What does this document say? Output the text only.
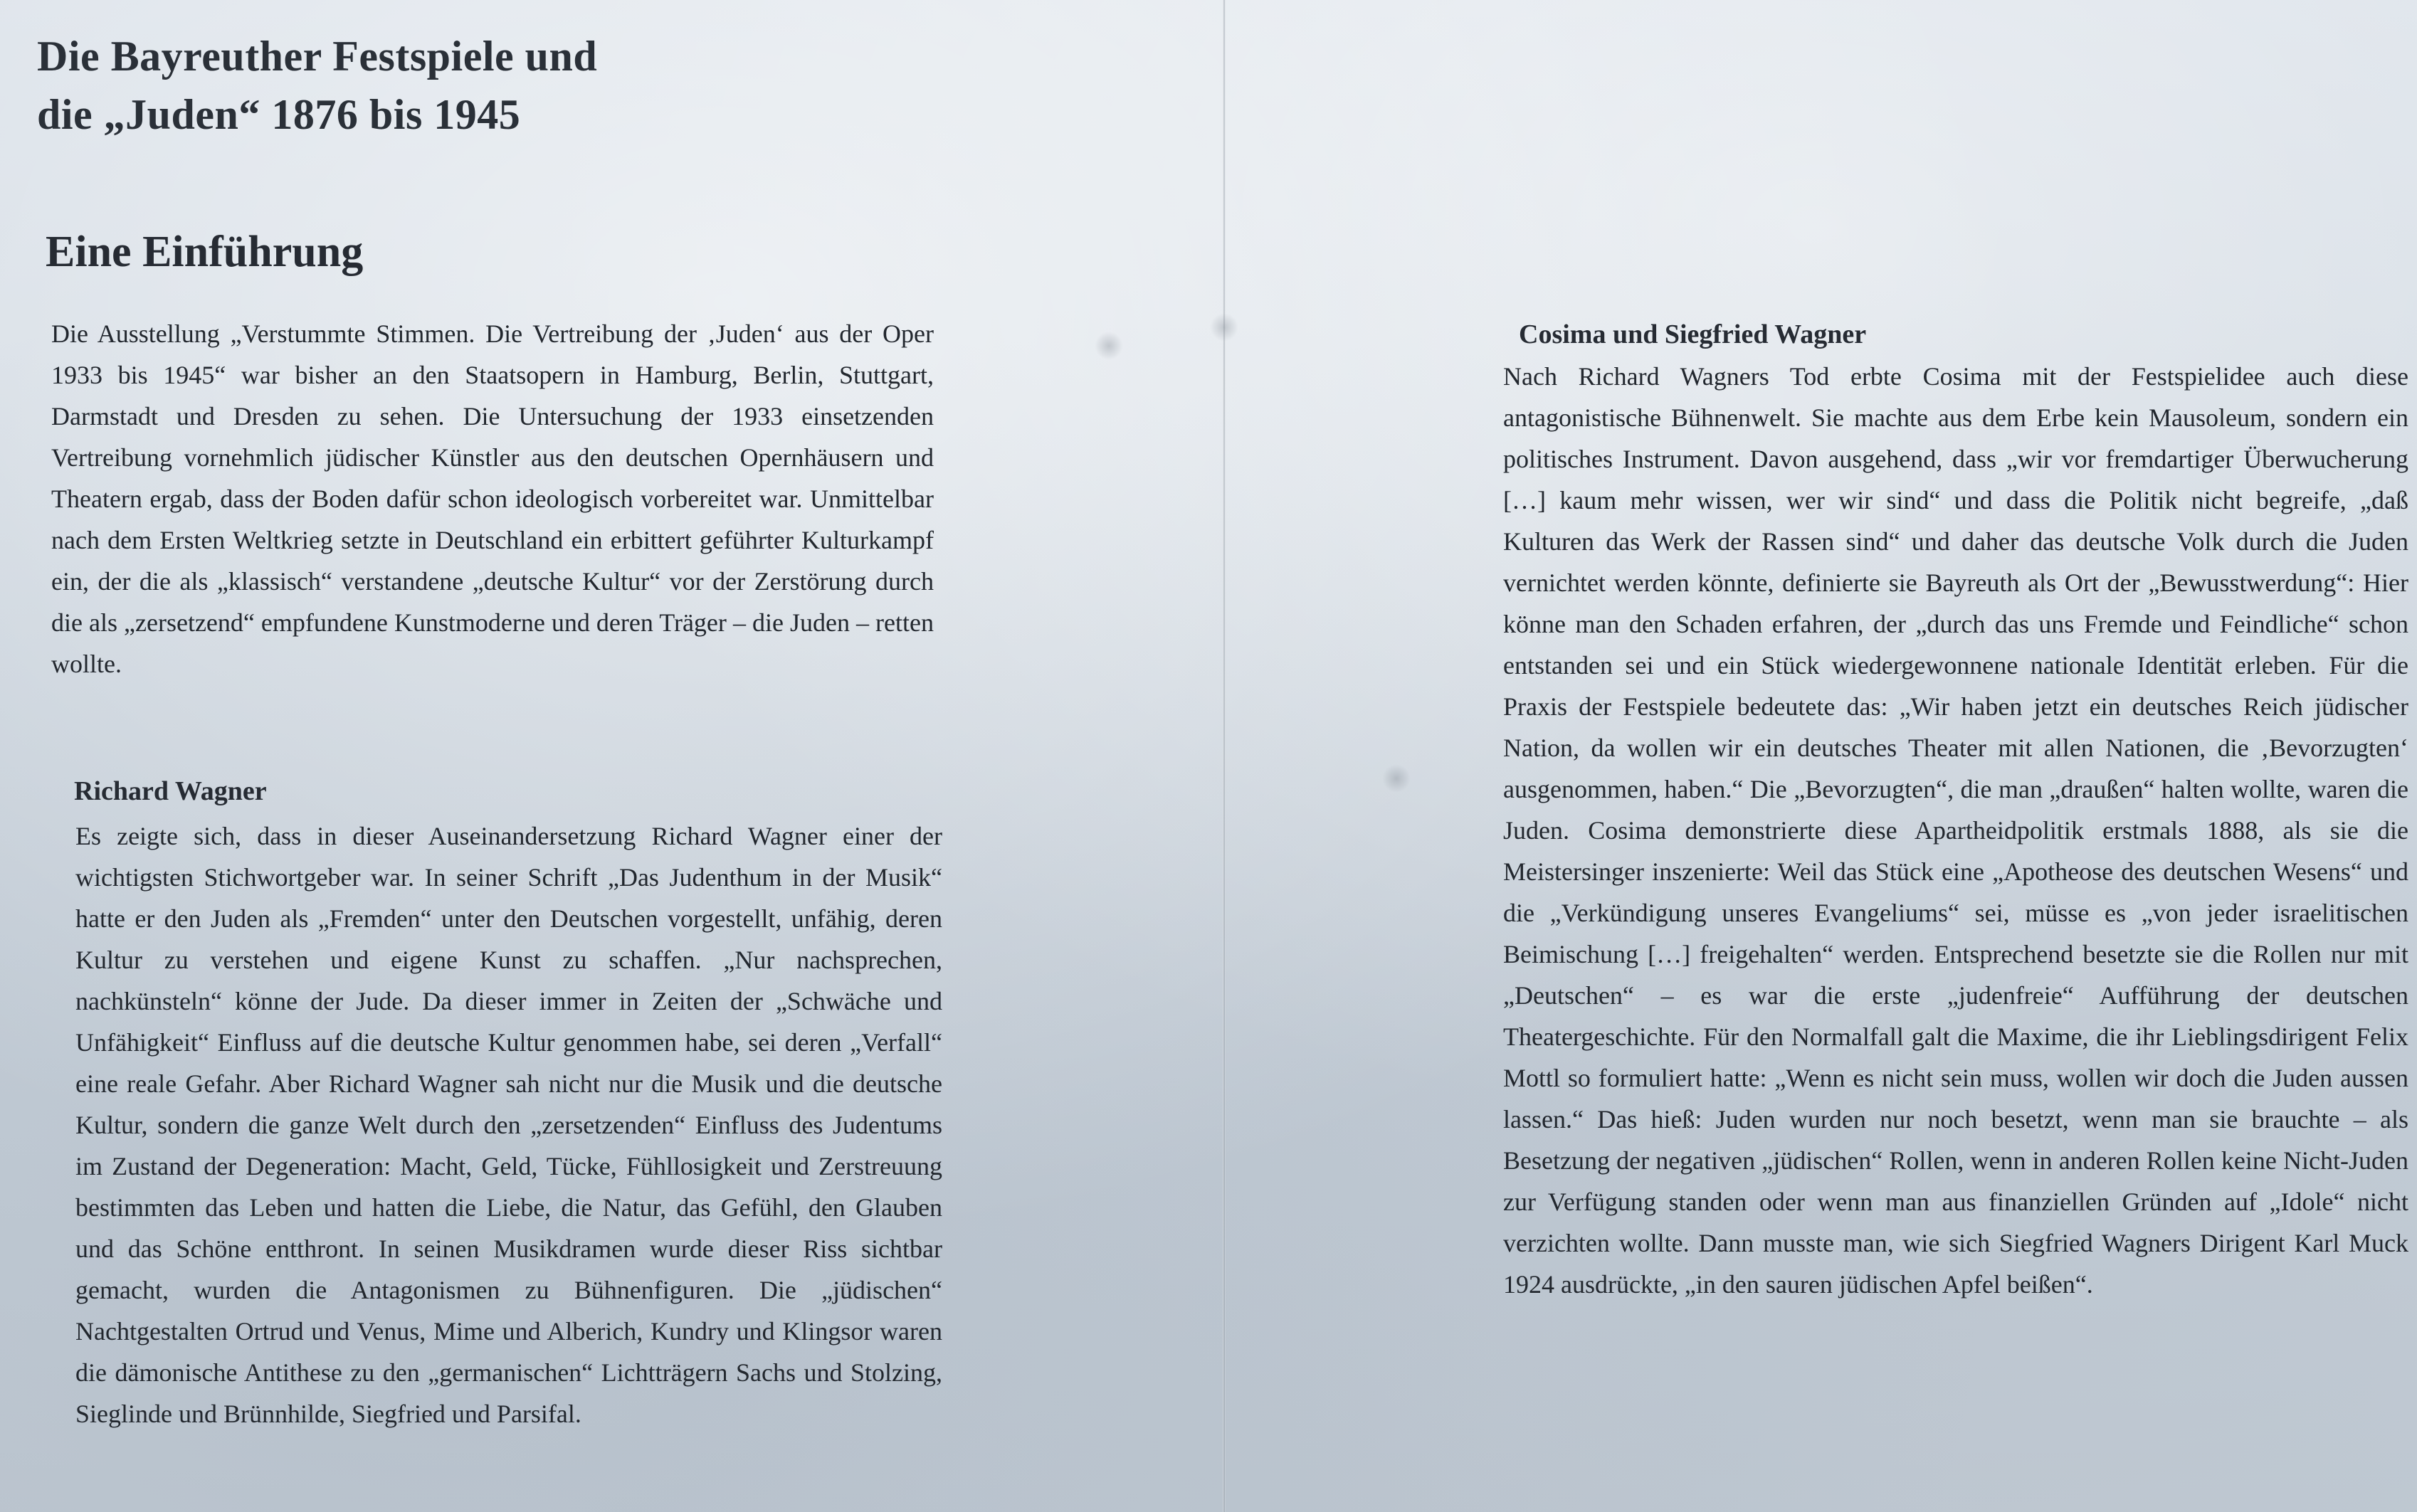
Die Bayreuther Festspiele und
die „Juden“ 1876 bis 1945
Eine Einführung

Die Ausstellung „Verstummte Stimmen. Die Vertreibung der ‚Juden‘ aus der Oper 1933 bis 1945“ war bisher an den Staatsopern in Hamburg, Berlin, Stuttgart, Darmstadt und Dresden zu sehen. Die Untersuchung der 1933 einsetzenden Vertreibung vornehmlich jüdischer Künstler aus den deutschen Opernhäusern und Theatern ergab, dass der Boden dafür schon ideologisch vorbereitet war. Unmittelbar nach dem Ersten Weltkrieg setzte in Deutschland ein erbittert geführter Kulturkampf ein, der die als „klassisch“ verstandene „deutsche Kultur“ vor der Zerstörung durch die als „zersetzend“ empfundene Kunstmoderne und deren Träger – die Juden – retten wollte.

Richard Wagner

Es zeigte sich, dass in dieser Auseinandersetzung Richard Wagner einer der wichtigsten Stichwortgeber war. In seiner Schrift „Das Judenthum in der Musik“ hatte er den Juden als „Fremden“ unter den Deutschen vorgestellt, unfähig, deren Kultur zu verstehen und eigene Kunst zu schaffen. „Nur nachsprechen, nachkünsteln“ könne der Jude. Da dieser immer in Zeiten der „Schwäche und Unfähigkeit“ Einfluss auf die deutsche Kultur genommen habe, sei deren „Verfall“ eine reale Gefahr. Aber Richard Wagner sah nicht nur die Musik und die deutsche Kultur, sondern die ganze Welt durch den „zersetzenden“ Einfluss des Judentums im Zustand der Degeneration: Macht, Geld, Tücke, Fühllosigkeit und Zerstreuung bestimmten das Leben und hatten die Liebe, die Natur, das Gefühl, den Glauben und das Schöne entthront. In seinen Musikdramen wurde dieser Riss sichtbar gemacht, wurden die Antagonismen zu Bühnenfiguren. Die „jüdischen“ Nachtgestalten Ortrud und Venus, Mime und Alberich, Kundry und Klingsor waren die dämonische Antithese zu den „germanischen“ Lichtträgern Sachs und Stolzing, Sieglinde und Brünnhilde, Siegfried und Parsifal.

Cosima und Siegfried Wagner

Nach Richard Wagners Tod erbte Cosima mit der Festspielidee auch diese antagonistische Bühnenwelt. Sie machte aus dem Erbe kein Mausoleum, sondern ein politisches Instrument. Davon ausgehend, dass „wir vor fremdartiger Überwucherung […] kaum mehr wissen, wer wir sind“ und dass die Politik nicht begreife, „daß Kulturen das Werk der Rassen sind“ und daher das deutsche Volk durch die Juden vernichtet werden könnte, definierte sie Bayreuth als Ort der „Bewusstwerdung“: Hier könne man den Schaden erfahren, der „durch das uns Fremde und Feindliche“ schon entstanden sei und ein Stück wiedergewonnene nationale Identität erleben. Für die Praxis der Festspiele bedeutete das: „Wir haben jetzt ein deutsches Reich jüdischer Nation, da wollen wir ein deutsches Theater mit allen Nationen, die ‚Bevorzugten‘ ausgenommen, haben.“ Die „Bevorzugten“, die man „draußen“ halten wollte, waren die Juden. Cosima demonstrierte diese Apartheidpolitik erstmals 1888, als sie die Meistersinger inszenierte: Weil das Stück eine „Apotheose des deutschen Wesens“ und die „Verkündigung unseres Evangeliums“ sei, müsse es „von jeder israelitischen Beimischung […] freigehalten“ werden. Entsprechend besetzte sie die Rollen nur mit „Deutschen“ – es war die erste „judenfreie“ Aufführung der deutschen Theatergeschichte. Für den Normalfall galt die Maxime, die ihr Lieblingsdirigent Felix Mottl so formuliert hatte: „Wenn es nicht sein muss, wollen wir doch die Juden aussen lassen.“ Das hieß: Juden wurden nur noch besetzt, wenn man sie brauchte – als Besetzung der negativen „jüdischen“ Rollen, wenn in anderen Rollen keine Nicht-Juden zur Verfügung standen oder wenn man aus finanziellen Gründen auf „Idole“ nicht verzichten wollte. Dann musste man, wie sich Siegfried Wagners Dirigent Karl Muck 1924 ausdrückte, „in den sauren jüdischen Apfel beißen“.
